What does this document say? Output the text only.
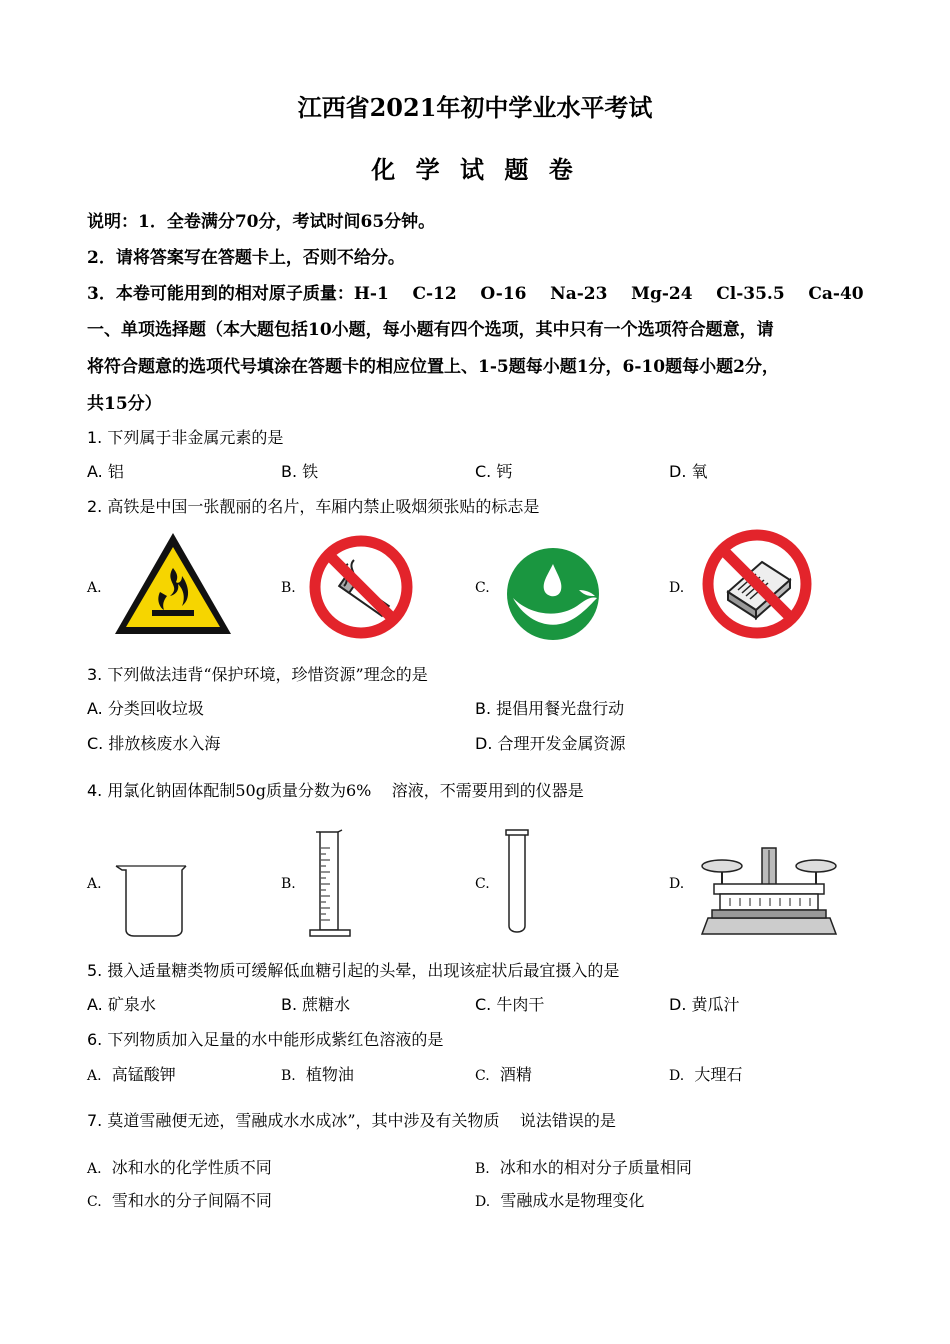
江西省2021年初中学业水平考试
化 学 试 题 卷
说明：1．全卷满分70分，考试时间65分钟。
2．请将答案写在答题卡上，否则不给分。
3．本卷可能用到的相对原子质量：H-1    C-12    O-16    Na-23    Mg-24    Cl-35.5    Ca-40
一、单项选择题（本大题包括10小题，每小题有四个选项，其中只有一个选项符合题意，请
将符合题意的选项代号填涂在答题卡的相应位置上、1-5题每小题1分，6-10题每小题2分，
共15分）
1. 下列属于非金属元素的是
A. 铝	B. 铁	C. 钙	D. 氧
2. 高铁是中国一张靓丽的名片，车厢内禁止吸烟须张贴的标志是
A.	B.	C.	D.
3. 下列做法违背“保护环境，珍惜资源”理念的是
A. 分类回收垃圾	B. 提倡用餐光盘行动
C. 排放核废水入海	D. 合理开发金属资源
4. 用氯化钠固体配制50g质量分数为6%    溶液，不需要用到的仪器是
A.	B.	C.	D.
5. 摄入适量糖类物质可缓解低血糖引起的头晕，出现该症状后最宜摄入的是
A. 矿泉水	B. 蔗糖水	C. 牛肉干	D. 黄瓜汁
6. 下列物质加入足量的水中能形成紫红色溶液的是
A. 高锰酸钾	B. 植物油	C. 酒精	D. 大理石
7. 莫道雪融便无迹，雪融成水水成冰”，其中涉及有关物质    说法错误的是
A. 冰和水的化学性质不同	B. 冰和水的相对分子质量相同
C. 雪和水的分子间隔不同	D. 雪融成水是物理变化
